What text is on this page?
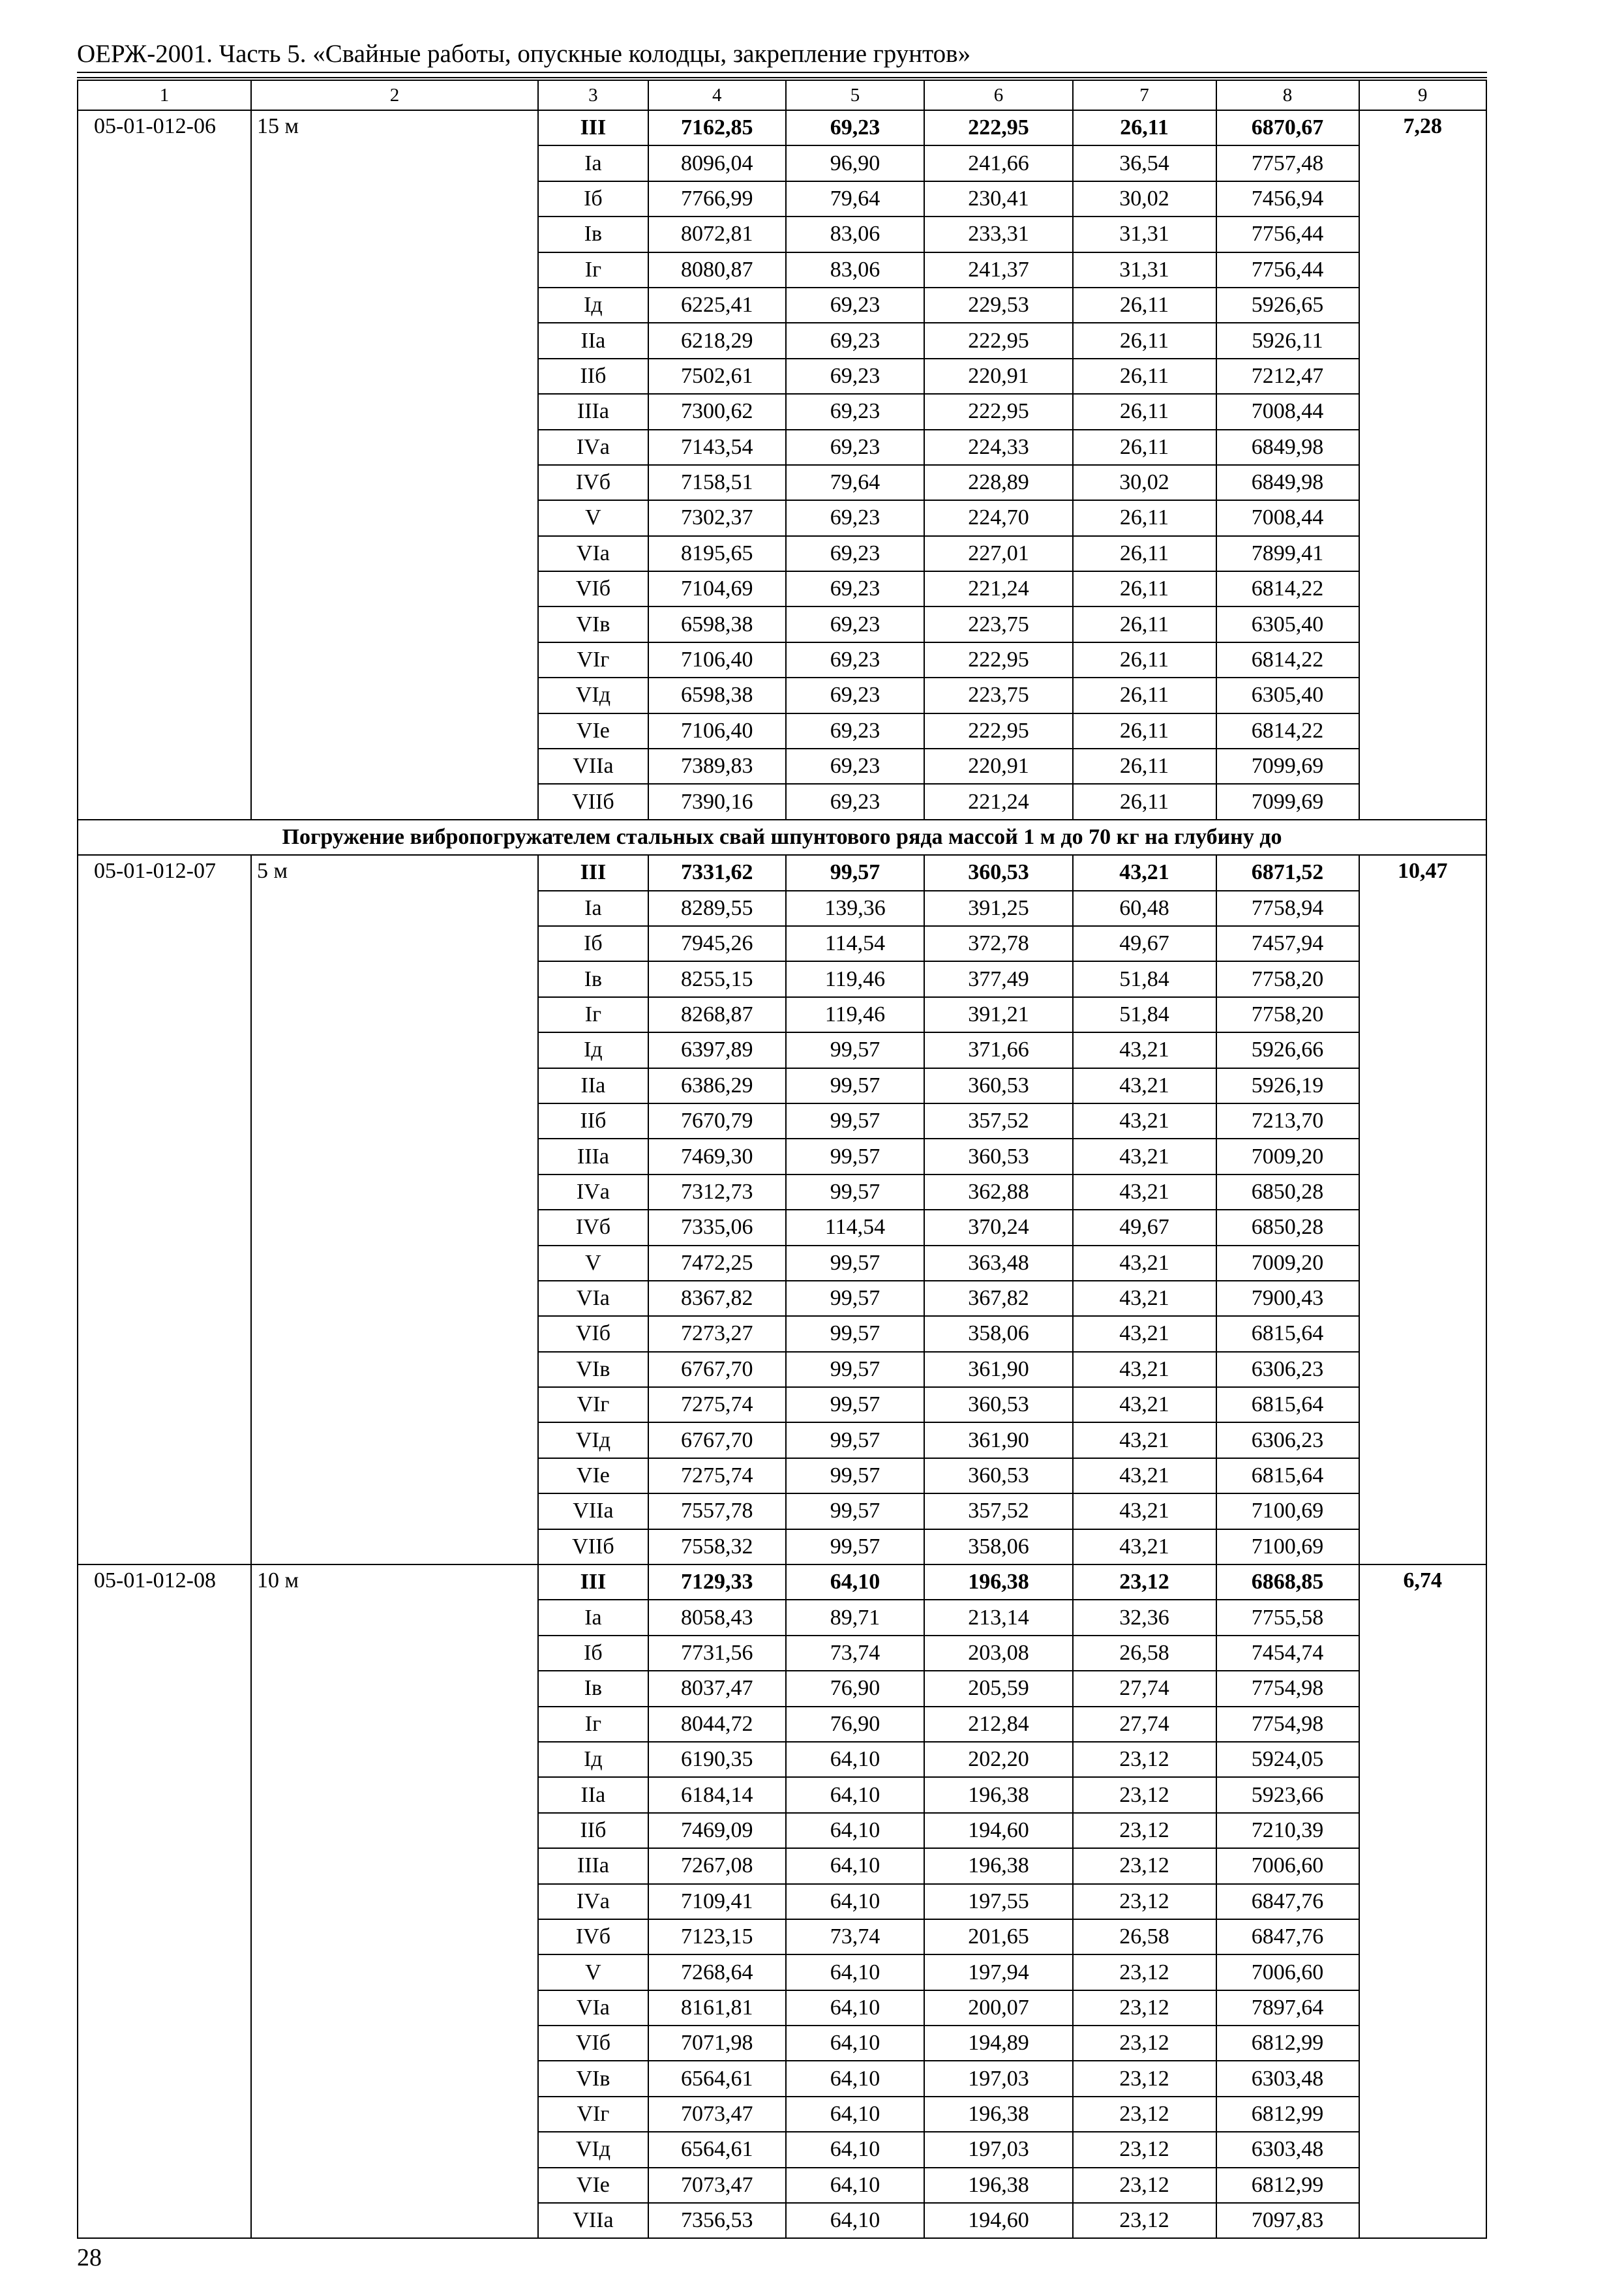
ОЕРЖ-2001. Часть 5. «Свайные работы, опускные колодцы, закрепление грунтов»
1	2	3	4	5	6	7	8	9
05-01-012-06	15 м	III	7162,85	69,23	222,95	26,11	6870,67	7,28
		Iа	8096,04	96,90	241,66	36,54	7757,48	
		Iб	7766,99	79,64	230,41	30,02	7456,94	
		Iв	8072,81	83,06	233,31	31,31	7756,44	
		Iг	8080,87	83,06	241,37	31,31	7756,44	
		Iд	6225,41	69,23	229,53	26,11	5926,65	
		IIа	6218,29	69,23	222,95	26,11	5926,11	
		IIб	7502,61	69,23	220,91	26,11	7212,47	
		IIIа	7300,62	69,23	222,95	26,11	7008,44	
		IVа	7143,54	69,23	224,33	26,11	6849,98	
		IVб	7158,51	79,64	228,89	30,02	6849,98	
		V	7302,37	69,23	224,70	26,11	7008,44	
		VIа	8195,65	69,23	227,01	26,11	7899,41	
		VIб	7104,69	69,23	221,24	26,11	6814,22	
		VIв	6598,38	69,23	223,75	26,11	6305,40	
		VIг	7106,40	69,23	222,95	26,11	6814,22	
		VIд	6598,38	69,23	223,75	26,11	6305,40	
		VIе	7106,40	69,23	222,95	26,11	6814,22	
		VIIа	7389,83	69,23	220,91	26,11	7099,69	
		VIIб	7390,16	69,23	221,24	26,11	7099,69	
Погружение вибропогружателем стальных свай шпунтового ряда массой 1 м до 70 кг на глубину до								
05-01-012-07	5 м	III	7331,62	99,57	360,53	43,21	6871,52	10,47
		Iа	8289,55	139,36	391,25	60,48	7758,94	
		Iб	7945,26	114,54	372,78	49,67	7457,94	
		Iв	8255,15	119,46	377,49	51,84	7758,20	
		Iг	8268,87	119,46	391,21	51,84	7758,20	
		Iд	6397,89	99,57	371,66	43,21	5926,66	
		IIа	6386,29	99,57	360,53	43,21	5926,19	
		IIб	7670,79	99,57	357,52	43,21	7213,70	
		IIIа	7469,30	99,57	360,53	43,21	7009,20	
		IVа	7312,73	99,57	362,88	43,21	6850,28	
		IVб	7335,06	114,54	370,24	49,67	6850,28	
		V	7472,25	99,57	363,48	43,21	7009,20	
		VIа	8367,82	99,57	367,82	43,21	7900,43	
		VIб	7273,27	99,57	358,06	43,21	6815,64	
		VIв	6767,70	99,57	361,90	43,21	6306,23	
		VIг	7275,74	99,57	360,53	43,21	6815,64	
		VIд	6767,70	99,57	361,90	43,21	6306,23	
		VIе	7275,74	99,57	360,53	43,21	6815,64	
		VIIа	7557,78	99,57	357,52	43,21	7100,69	
		VIIб	7558,32	99,57	358,06	43,21	7100,69	
05-01-012-08	10 м	III	7129,33	64,10	196,38	23,12	6868,85	6,74
		Iа	8058,43	89,71	213,14	32,36	7755,58	
		Iб	7731,56	73,74	203,08	26,58	7454,74	
		Iв	8037,47	76,90	205,59	27,74	7754,98	
		Iг	8044,72	76,90	212,84	27,74	7754,98	
		Iд	6190,35	64,10	202,20	23,12	5924,05	
		IIа	6184,14	64,10	196,38	23,12	5923,66	
		IIб	7469,09	64,10	194,60	23,12	7210,39	
		IIIа	7267,08	64,10	196,38	23,12	7006,60	
		IVа	7109,41	64,10	197,55	23,12	6847,76	
		IVб	7123,15	73,74	201,65	26,58	6847,76	
		V	7268,64	64,10	197,94	23,12	7006,60	
		VIа	8161,81	64,10	200,07	23,12	7897,64	
		VIб	7071,98	64,10	194,89	23,12	6812,99	
		VIв	6564,61	64,10	197,03	23,12	6303,48	
		VIг	7073,47	64,10	196,38	23,12	6812,99	
		VIд	6564,61	64,10	197,03	23,12	6303,48	
		VIе	7073,47	64,10	196,38	23,12	6812,99	
		VIIа	7356,53	64,10	194,60	23,12	7097,83	
28
